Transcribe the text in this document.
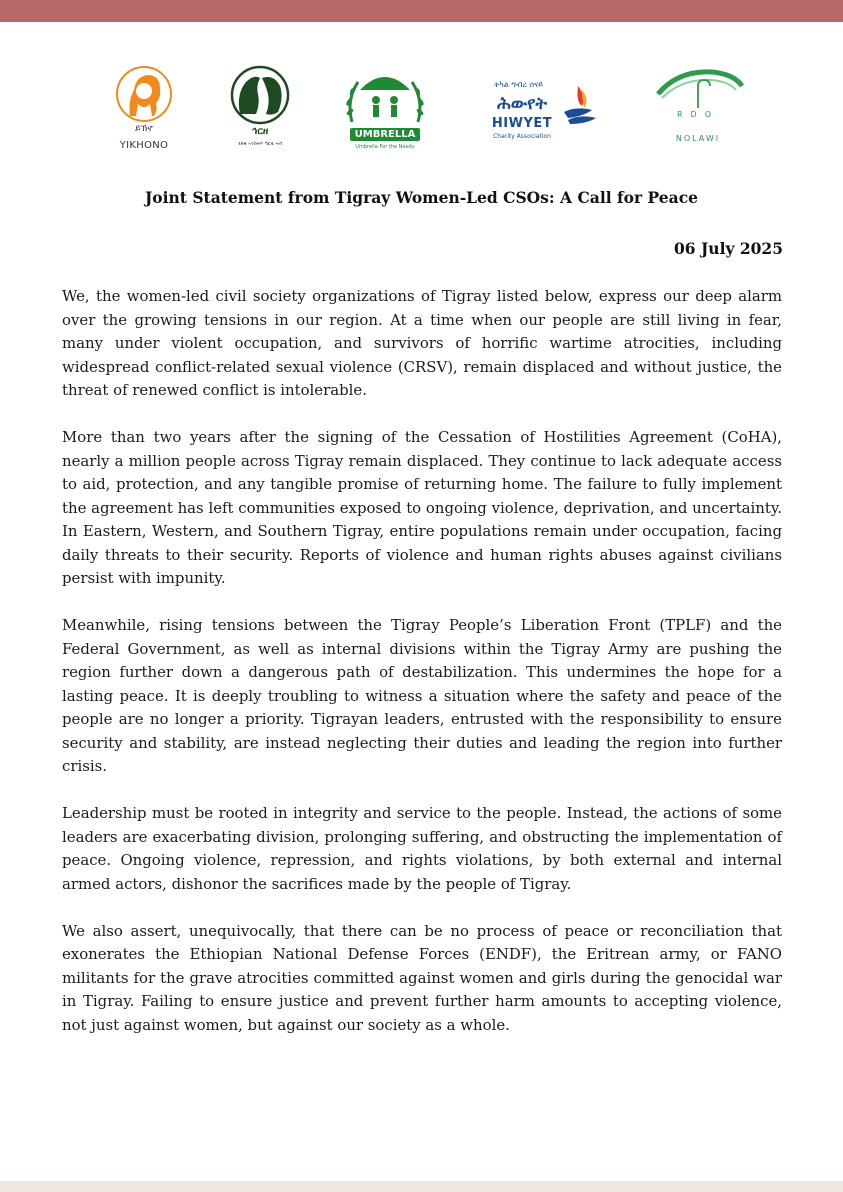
ይኽኖ
YIKHONO
ኅርዘ
ንደቂ ኣንስትዮ ግርሂ ሓባ
UMBRELLA
Umbrella For the Needy
ትካል ግብረ ሰናይ
ሕውየት
HIWYET
Charity Association
RDO
NOLAWI
Joint Statement from Tigray Women-Led CSOs: A Call for Peace

06 July 2025

We, the women-led civil society organizations of Tigray listed below, express our deep alarm over the growing tensions in our region. At a time when our people are still living in fear, many under violent occupation, and survivors of horrific wartime atrocities, including widespread conflict-related sexual violence (CRSV), remain displaced and without justice, the threat of renewed conflict is intolerable.

More than two years after the signing of the Cessation of Hostilities Agreement (CoHA), nearly a million people across Tigray remain displaced. They continue to lack adequate access to aid, protection, and any tangible promise of returning home. The failure to fully implement the agreement has left communities exposed to ongoing violence, deprivation, and uncertainty. In Eastern, Western, and Southern Tigray, entire populations remain under occupation, facing daily threats to their security. Reports of violence and human rights abuses against civilians persist with impunity.

Meanwhile, rising tensions between the Tigray People’s Liberation Front (TPLF) and the Federal Government, as well as internal divisions within the Tigray Army are pushing the region further down a dangerous path of destabilization. This undermines the hope for a lasting peace. It is deeply troubling to witness a situation where the safety and peace of the people are no longer a priority. Tigrayan leaders, entrusted with the responsibility to ensure security and stability, are instead neglecting their duties and leading the region into further crisis.

Leadership must be rooted in integrity and service to the people. Instead, the actions of some leaders are exacerbating division, prolonging suffering, and obstructing the implementation of peace. Ongoing violence, repression, and rights violations, by both external and internal armed actors, dishonor the sacrifices made by the people of Tigray.

We also assert, unequivocally, that there can be no process of peace or reconciliation that exonerates the Ethiopian National Defense Forces (ENDF), the Eritrean army, or FANO militants for the grave atrocities committed against women and girls during the genocidal war in Tigray. Failing to ensure justice and prevent further harm amounts to accepting violence, not just against women, but against our society as a whole.
